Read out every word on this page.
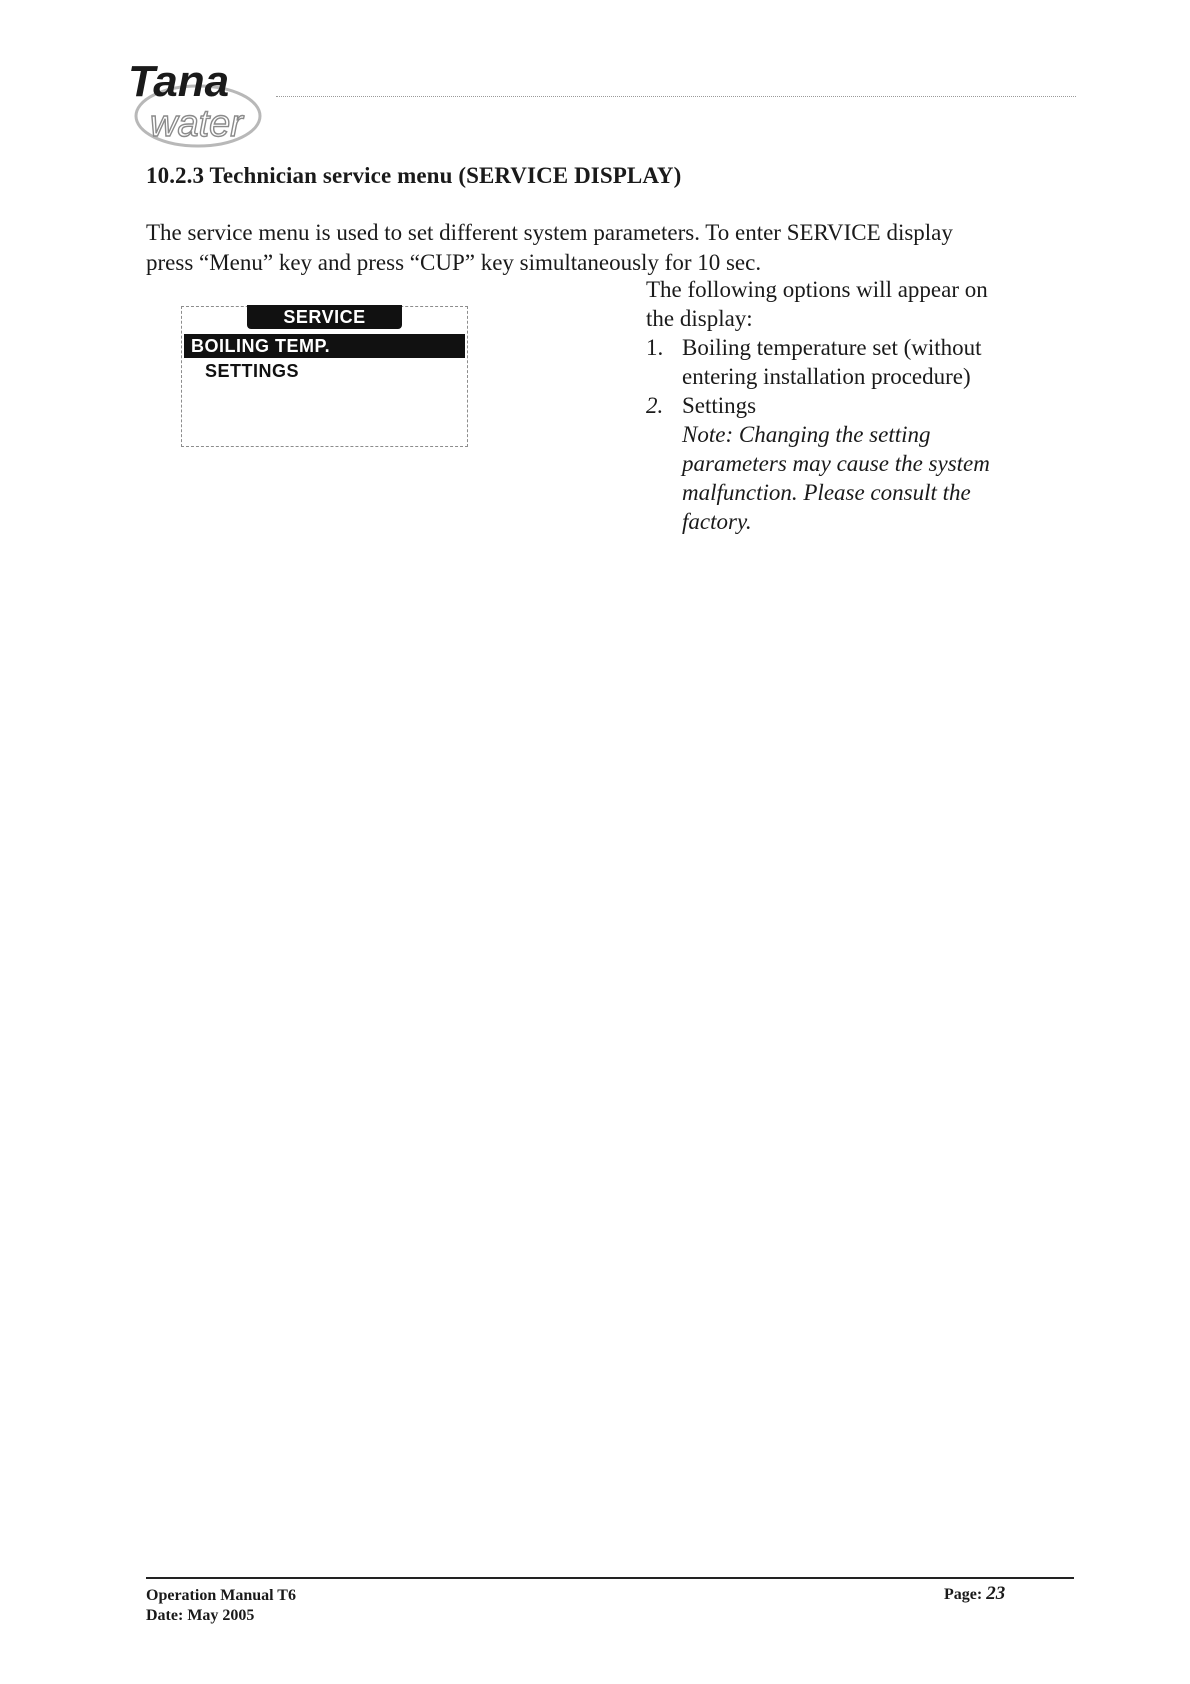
Tana
water
10.2.3 Technician service menu (SERVICE DISPLAY)
The service menu is used to set different system parameters. To enter SERVICE display
press “Menu” key and press “CUP” key simultaneously for 10 sec.
SERVICE
BOILING TEMP.
SETTINGS
The following options will appear on
the display:
1. Boiling temperature set (without
entering installation procedure)
2. Settings
Note: Changing the setting
parameters may cause the system
malfunction. Please consult the
factory.
Operation Manual T6
Date: May 2005
Page: 23
